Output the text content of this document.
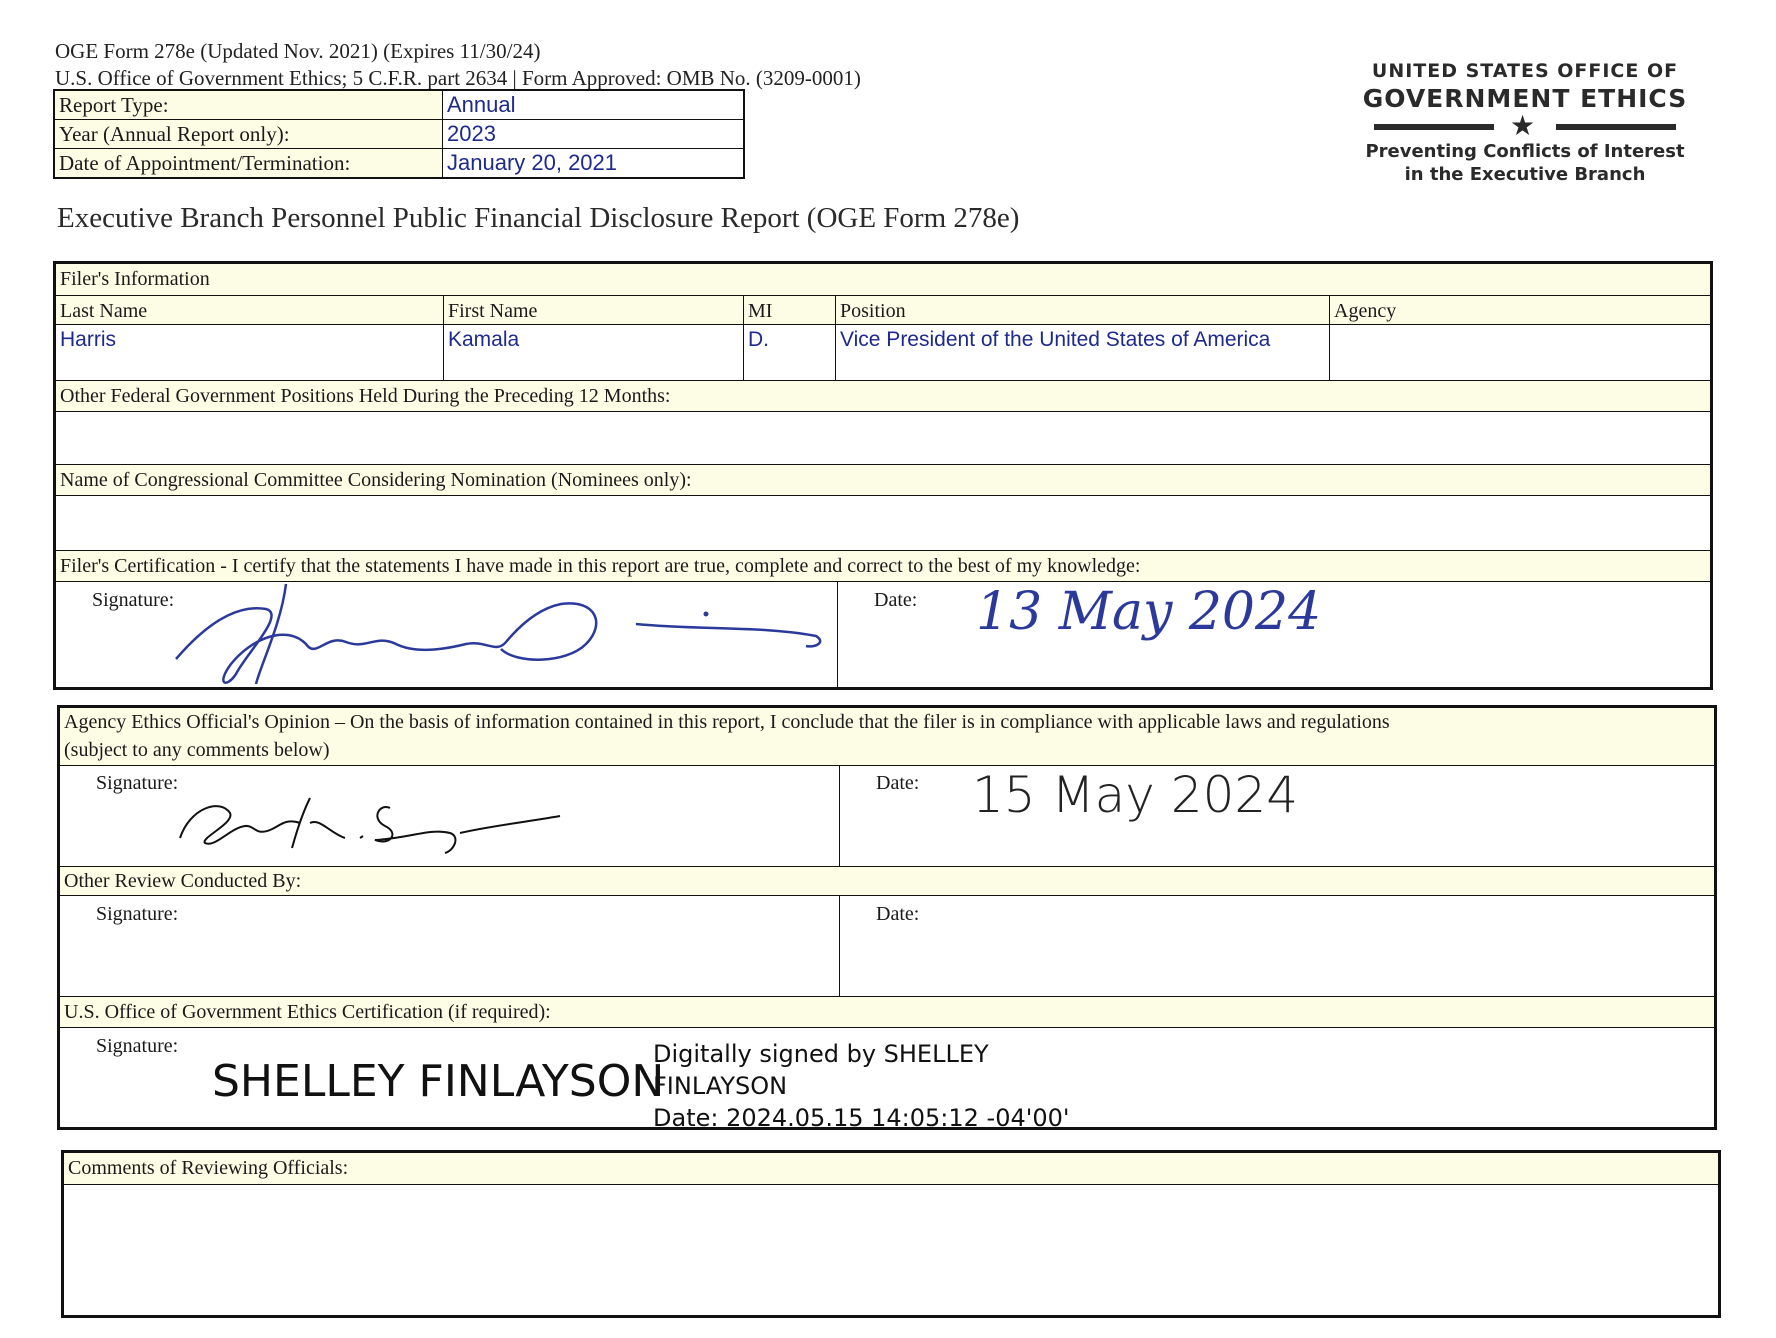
OGE Form 278e (Updated Nov. 2021) (Expires 11/30/24)
U.S. Office of Government Ethics; 5 C.F.R. part 2634 | Form Approved: OMB No. (3209-0001)
Report Type:	Annual
Year (Annual Report only):	2023
Date of Appointment/Termination:	January 20, 2021
UNITED STATES OFFICE OF
GOVERNMENT ETHICS
★
Preventing Conflicts of Interest
in the Executive Branch
Executive Branch Personnel Public Financial Disclosure Report (OGE Form 278e)
Filer's Information
Last Name	First Name	MI	Position	Agency
Harris	Kamala	D.	Vice President of the United States of America
Other Federal Government Positions Held During the Preceding 12 Months:
Name of Congressional Committee Considering Nomination (Nominees only):
Filer's Certification - I certify that the statements I have made in this report are true, complete and correct to the best of my knowledge:
Signature:	Date: 13 May 2024
Agency Ethics Official's Opinion – On the basis of information contained in this report, I conclude that the filer is in compliance with applicable laws and regulations
(subject to any comments below)
Signature:	Date: 15 May 2024
Other Review Conducted By:
Signature:	Date:
U.S. Office of Government Ethics Certification (if required):
Signature:
SHELLEY FINLAYSON
Digitally signed by SHELLEY
FINLAYSON
Date: 2024.05.15 14:05:12 -04'00'
Comments of Reviewing Officials:
